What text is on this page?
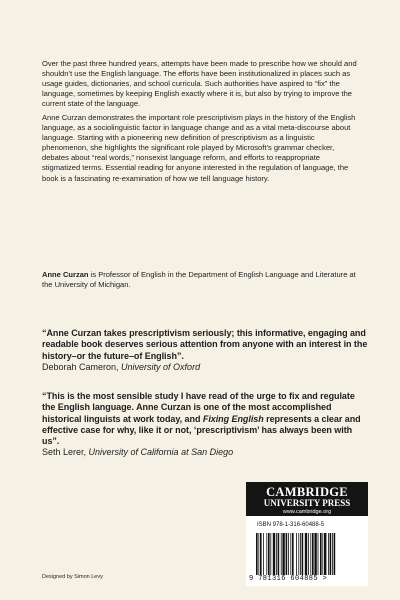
Over the past three hundred years, attempts have been made to prescribe how we should and shouldn’t use the English language. The efforts have been institutionalized in places such as usage guides, dictionaries, and school curricula. Such authorities have aspired to “fix” the language, sometimes by keeping English exactly where it is, but also by trying to improve the current state of the language.

Anne Curzan demonstrates the important role prescriptivism plays in the history of the English language, as a sociolinguistic factor in language change and as a vital meta-discourse about language. Starting with a pioneering new definition of prescriptivism as a linguistic phenomenon, she highlights the significant role played by Microsoft’s grammar checker, debates about “real words,” nonsexist language reform, and efforts to reappropriate stigmatized terms. Essential reading for anyone interested in the regulation of language, the book is a fascinating re-examination of how we tell language history.

Anne Curzan is Professor of English in the Department of English Language and Literature at the University of Michigan.

“Anne Curzan takes prescriptivism seriously; this informative, engaging and readable book deserves serious attention from anyone with an interest in the history–or the future–of English”.

Deborah Cameron, University of Oxford

“This is the most sensible study I have read of the urge to fix and regulate the English language. Anne Curzan is one of the most accomplished historical linguists at work today, and Fixing English represents a clear and effective case for why, like it or not, ‘prescriptivism’ has always been with us”.

Seth Lerer, University of California at San Diego

CAMBRIDGE
UNIVERSITY PRESS
www.cambridge.org
ISBN 978-1-316-60488-5
9 781316 604885 >

Designed by Simon Levy
